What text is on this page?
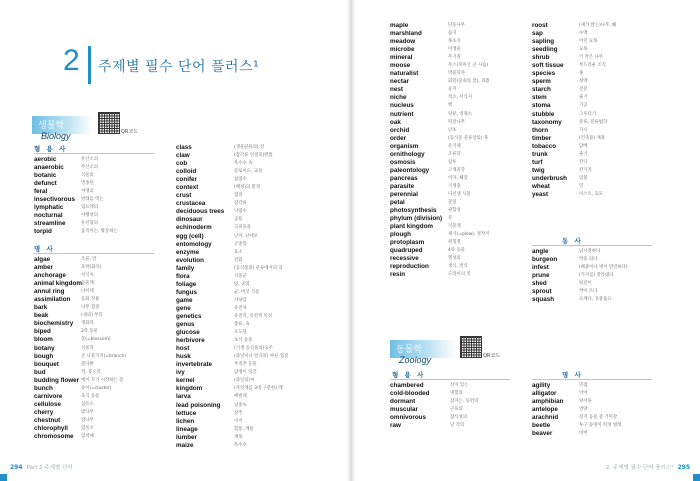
2 주제별 필수 단어 플러스¹
생물학Biology	QR코드
형 용 사
aerobic	유산소의
anaerobic	무산소의
botanic	식물의
defunct	멸종된
feral	야생의
insectivorous 벌레를 먹는
lymphatic	림프액의
nocturnal	야행성의
streamline	유선형의
torpid	움직이는, 활동하는
명 사
algae	조류, 말
amber	호박(화석)
anchorage	서식처
animal kingdom 동물계
annul ring	나이테
assimilation 동화 작용
bark	나무 껍질
beak	(새의) 부리
biochemistry 생화학
biped	2족 동물
bloom	꽃(=blossom)
botany	식물학
bough	큰 나뭇가지(=branch)
bouquet	꽃다발
bud	싹, 봉오리
budding flower 에이 꾸기 시작하는 꽃
bunch	송이(=cluster)
carnivore	육식 동물
cellulose	섬유소
cherry	벚나무
chestnut	밤나무
chlorophyll	엽록소
chromosome 염색체
class	(생물분류의) 강
claw	(갑각류 연절의)발톱
cob	옥수수 속
colloid	콜로이드, 교질
conifer	침엽수
context	(배경)의 환경
crust	껍질
crustacea	갑각류
deciduous trees 낙엽수
dinosaur	공룡
echinoderm	극피동물
egg (cell)	난자, 난세포
entomology	곤충학
enzyme	효소
evolution	진화
family	(동식물의) 분류에서의 과
flora	식물군
foliage	잎, 군엽
fungus	균, 버섯 식물
game	사냥감
gene	유전자
genetics	유전학, 유전적 특질
genus	종류, 속
glucose	포도당
herbivore	초식 동물
host	(기생 동식물의)숙주
husk	(과일이나 알곡의) 마른 껍질
invertebrate	무척추 동물
ivy	담쟁이 덩굴
kernel	(과일의)씨
kingdom	(자연계를 3대 구분한) 계
larva	애벌레
lead poisoning	납중독
lettuce	상추
lichen	이끼
lineage	혈통, 계통
lumber	재목
maize	옥수수
maple	단풍나무
marshland	습지
meadow	목초지
microbe	미생물
mineral	무기질
moose	무스(북미산 큰 사슴)
naturalist	박물학자
nectar	화밀(꽃속의 꿀), 과즙
nest	둥지
niche	적소, 서식지
nucleus	핵
nutrient	양분, 영양소
oak	떡갈나무
orchid	난초
order	(동식물 분류상의) 목
organism	유기체
ornithology	조류학
osmosis	삼투
paleontology	고생물학
pancreas	이자, 췌장
parasite	기생충
perennial	다년생 식물
petal	꽃잎
photosynthesis	광합성
phylum (division) 문
plant kingdom	식물계
plough	쟁기(=plow), 경작지
protoplasm	원형질
quadruped	4족 동물
recessive	열성의
reproduction	생식, 번식
resin	드라이의 진
roost	(새가 앉는)나무, 홰
sap	수액
sapling	어린 묘목
seedling	묘목
shrub	키 작은 나무
soft tissue	부드러운 조직
species	종
sperm	정액
starch	전분
stem	줄기
stoma	기공
stubble	그루터기
taxonomy	분류, 분류법학
thorn	가시
timber	(건축용) 재목
tobacco	담배
trunk	줄기
turf	잔디
twig	잔가지
underbrush	덤불
wheat	밀
yeast	이스트, 효모
동 사
angle	낚시질하다
burgeon	싹을 틔다
infest	(해충이나 병이 만연하다)
prune	(가지를) 잘라내다
shed	털갈이
sprout	싹이 트다
squash	으깨다, 귀중품요
동물학Zoology	QR코드
형 용 사
chambered	실이 있는
cold-blooded	냉혈의
dormant	잠자는, 동면의
muscular	근육의
omnivorous	잡식성의
raw	날 것의
명 사
agility	민첩
alligator	악어
amphibian	양서류
antelope	영양
arachnid	절지 동물 중 거미강
beetle	투구 풍뎅이 딱정 벌레
beaver	비버
294 Part 2 주제별 단어	2. 주제별 필수 단어 플러스¹ 295
